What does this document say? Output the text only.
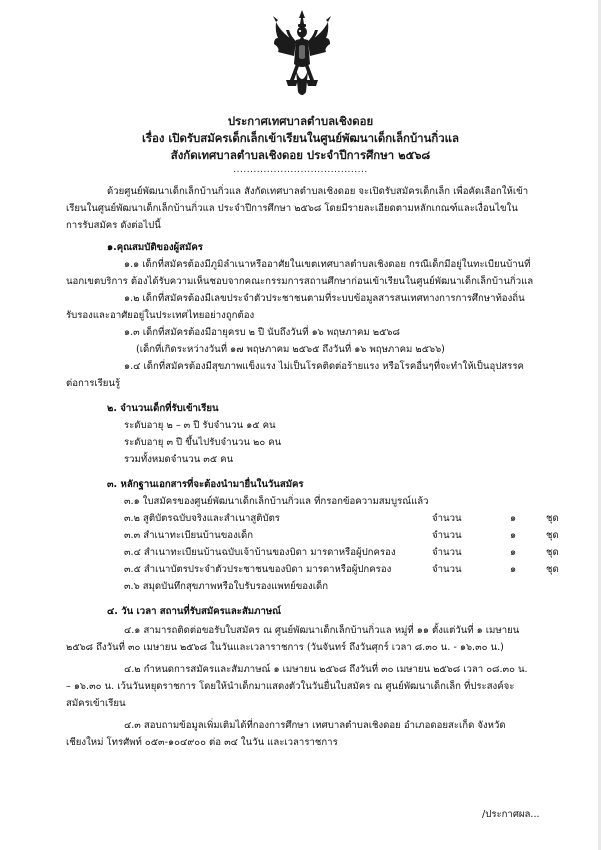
ประกาศเทศบาลตำบลเชิงดอย
เรื่อง เปิดรับสมัครเด็กเล็กเข้าเรียนในศูนย์พัฒนาเด็กเล็กบ้านกิ่วแล
สังกัดเทศบาลตำบลเชิงดอย ประจำปีการศึกษา ๒๕๖๘
........................................
ด้วยศูนย์พัฒนาเด็กเล็กบ้านกิ่วแล สังกัดเทศบาลตำบลเชิงดอย จะเปิดรับสมัครเด็กเล็ก เพื่อคัดเลือกให้เข้า
เรียนในศูนย์พัฒนาเด็กเล็กบ้านกิ่วแล ประจำปีการศึกษา ๒๕๖๘ โดยมีรายละเอียดตามหลักเกณฑ์และเงื่อนไขใน
การรับสมัคร ดังต่อไปนี้
๑.คุณสมบัติของผู้สมัคร
๑.๑ เด็กที่สมัครต้องมีภูมิลำเนาหรืออาศัยในเขตเทศบาลตำบลเชิงดอย กรณีเด็กมีอยู่ในทะเบียนบ้านที่
นอกเขตบริการ ต้องได้รับความเห็นชอบจากคณะกรรมการสถานศึกษาก่อนเข้าเรียนในศูนย์พัฒนาเด็กเล็กบ้านกิ่วแล
๑.๒ เด็กที่สมัครต้องมีเลขประจำตัวประชาชนตามที่ระบบข้อมูลสารสนเทศทางการการศึกษาท้องถิ่น
รับรองและอาศัยอยู่ในประเทศไทยอย่างถูกต้อง
๑.๓ เด็กที่สมัครต้องมีอายุครบ ๒ ปี นับถึงวันที่ ๑๖ พฤษภาคม ๒๕๖๘
(เด็กที่เกิดระหว่างวันที่ ๑๗ พฤษภาคม ๒๕๖๕ ถึงวันที่ ๑๖ พฤษภาคม ๒๕๖๖)
๑.๔ เด็กที่สมัครต้องมีสุขภาพแข็งแรง ไม่เป็นโรคติดต่อร้ายแรง หรือโรคอื่นๆที่จะทำให้เป็นอุปสรรค
ต่อการเรียนรู้
๒. จำนวนเด็กที่รับเข้าเรียน
ระดับอายุ ๒ – ๓ ปี รับจำนวน ๑๕ คน
ระดับอายุ ๓ ปี ขึ้นไปรับจำนวน ๒๐ คน
รวมทั้งหมดจำนวน ๓๕ คน
๓. หลักฐานเอกสารที่จะต้องนำมายื่นในวันสมัคร
๓.๑ ใบสมัครของศูนย์พัฒนาเด็กเล็กบ้านกิ่วแล ที่กรอกข้อความสมบูรณ์แล้ว
๓.๒ สูติบัตรฉบับจริงและสำเนาสูติบัตร	จำนวน	๑	ชุด
๓.๓ สำเนาทะเบียนบ้านของเด็ก	จำนวน	๑	ชุด
๓.๔ สำเนาทะเบียนบ้านฉบับเจ้าบ้านของบิดา มารดาหรือผู้ปกครอง	จำนวน	๑	ชุด
๓.๕ สำเนาบัตรประจำตัวประชาชนของบิดา มารดาหรือผู้ปกครอง	จำนวน	๑	ชุด
๓.๖ สมุดบันทึกสุขภาพหรือใบรับรองแพทย์ของเด็ก
๔. วัน เวลา สถานที่รับสมัครและสัมภาษณ์
๔.๑ สามารถติดต่อขอรับใบสมัคร ณ ศูนย์พัฒนาเด็กเล็กบ้านกิ่วแล หมู่ที่ ๑๑ ตั้งแต่วันที่ ๑ เมษายน
๒๕๖๘ ถึงวันที่ ๓๐ เมษายน ๒๕๖๘ ในวันและเวลาราชการ (วันจันทร์ ถึงวันศุกร์ เวลา ๘.๓๐ น. - ๑๖.๓๐ น.)
๔.๒ กำหนดการสมัครและสัมภาษณ์ ๑ เมษายน ๒๕๖๘ ถึงวันที่ ๓๐ เมษายน ๒๕๖๘ เวลา ๐๘.๓๐ น.
– ๑๖.๓๐ น. เว้นวันหยุดราชการ โดยให้นำเด็กมาแสดงตัวในวันยื่นใบสมัคร ณ ศูนย์พัฒนาเด็กเล็ก ที่ประสงค์จะ
สมัครเข้าเรียน
๔.๓ สอบถามข้อมูลเพิ่มเติมได้ที่กองการศึกษา เทศบาลตำบลเชิงดอย อำเภอดอยสะเก็ด จังหวัด
เชียงใหม่ โทรศัพท์ ๐๕๓-๑๐๔๙๐๐ ต่อ ๓๔ ในวัน และเวลาราชการ
/ประกาศผล...
